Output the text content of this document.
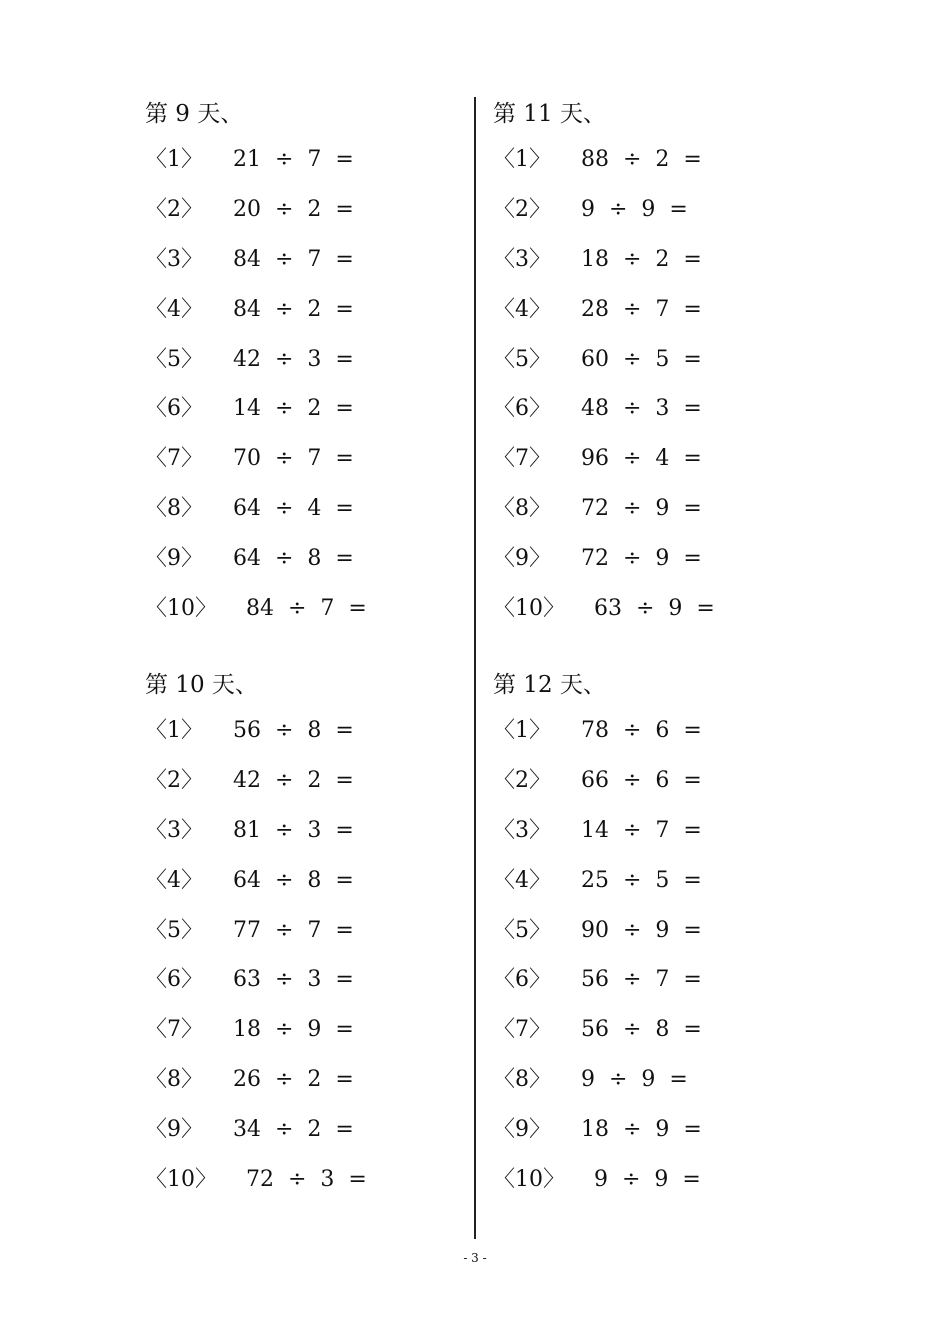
第 9 天、
〈1〉 21  ÷  7  =
〈2〉 20  ÷  2  =
〈3〉 84  ÷  7  =
〈4〉 84  ÷  2  =
〈5〉 42  ÷  3  =
〈6〉 14  ÷  2  =
〈7〉 70  ÷  7  =
〈8〉 64  ÷  4  =
〈9〉 64  ÷  8  =
〈10〉 84  ÷  7  =
第 10 天、
〈1〉 56  ÷  8  =
〈2〉 42  ÷  2  =
〈3〉 81  ÷  3  =
〈4〉 64  ÷  8  =
〈5〉 77  ÷  7  =
〈6〉 63  ÷  3  =
〈7〉 18  ÷  9  =
〈8〉 26  ÷  2  =
〈9〉 34  ÷  2  =
〈10〉 72  ÷  3  =
第 11 天、
〈1〉 88  ÷  2  =
〈2〉 9  ÷  9  =
〈3〉 18  ÷  2  =
〈4〉 28  ÷  7  =
〈5〉 60  ÷  5  =
〈6〉 48  ÷  3  =
〈7〉 96  ÷  4  =
〈8〉 72  ÷  9  =
〈9〉 72  ÷  9  =
〈10〉 63  ÷  9  =
第 12 天、
〈1〉 78  ÷  6  =
〈2〉 66  ÷  6  =
〈3〉 14  ÷  7  =
〈4〉 25  ÷  5  =
〈5〉 90  ÷  9  =
〈6〉 56  ÷  7  =
〈7〉 56  ÷  8  =
〈8〉 9  ÷  9  =
〈9〉 18  ÷  9  =
〈10〉 9  ÷  9  =
- 3 -
